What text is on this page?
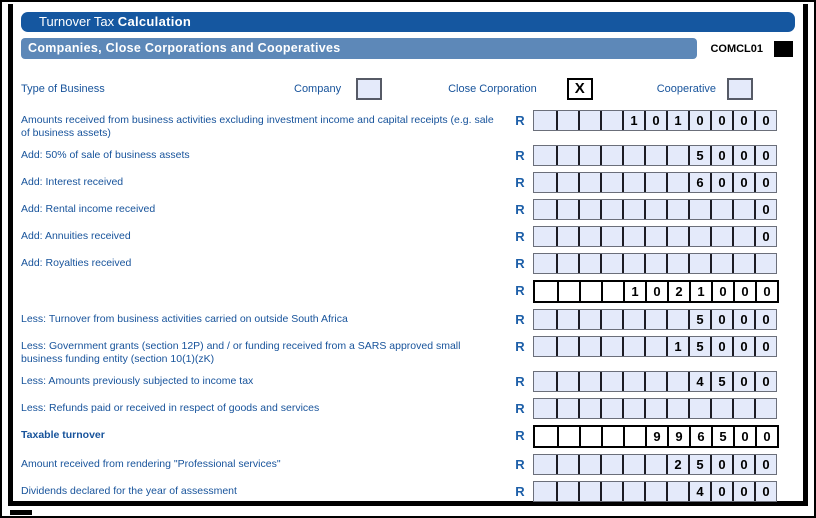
Turnover Tax Calculation
Companies, Close Corporations and Cooperatives	COMCL01
Type of Business	Company	Close Corporation	X	Cooperative
Amounts received from business activities excluding investment income and capital receipts (e.g. sale of business assets)
R	1	0	1	0	0	0	0
Add: 50% of sale of business assets	R	5	0	0	0
Add: Interest received	R	6	0	0	0
Add: Rental income received	R	0
Add: Annuities received	R	0
Add: Royalties received	R
R	1	0	2	1	0	0	0
Less: Turnover from business activities carried on outside South Africa	R	5	0	0	0
Less: Government grants (section 12P) and / or funding received from a SARS approved small business funding entity (section 10(1)(zK)
R	1	5	0	0	0
Less: Amounts previously subjected to income tax	R	4	5	0	0
Less: Refunds paid or received in respect of goods and services	R
Taxable turnover	R	9	9	6	5	0	0
Amount received from rendering "Professional services"	R	2	5	0	0	0
Dividends declared for the year of assessment	R	4	0	0	0
